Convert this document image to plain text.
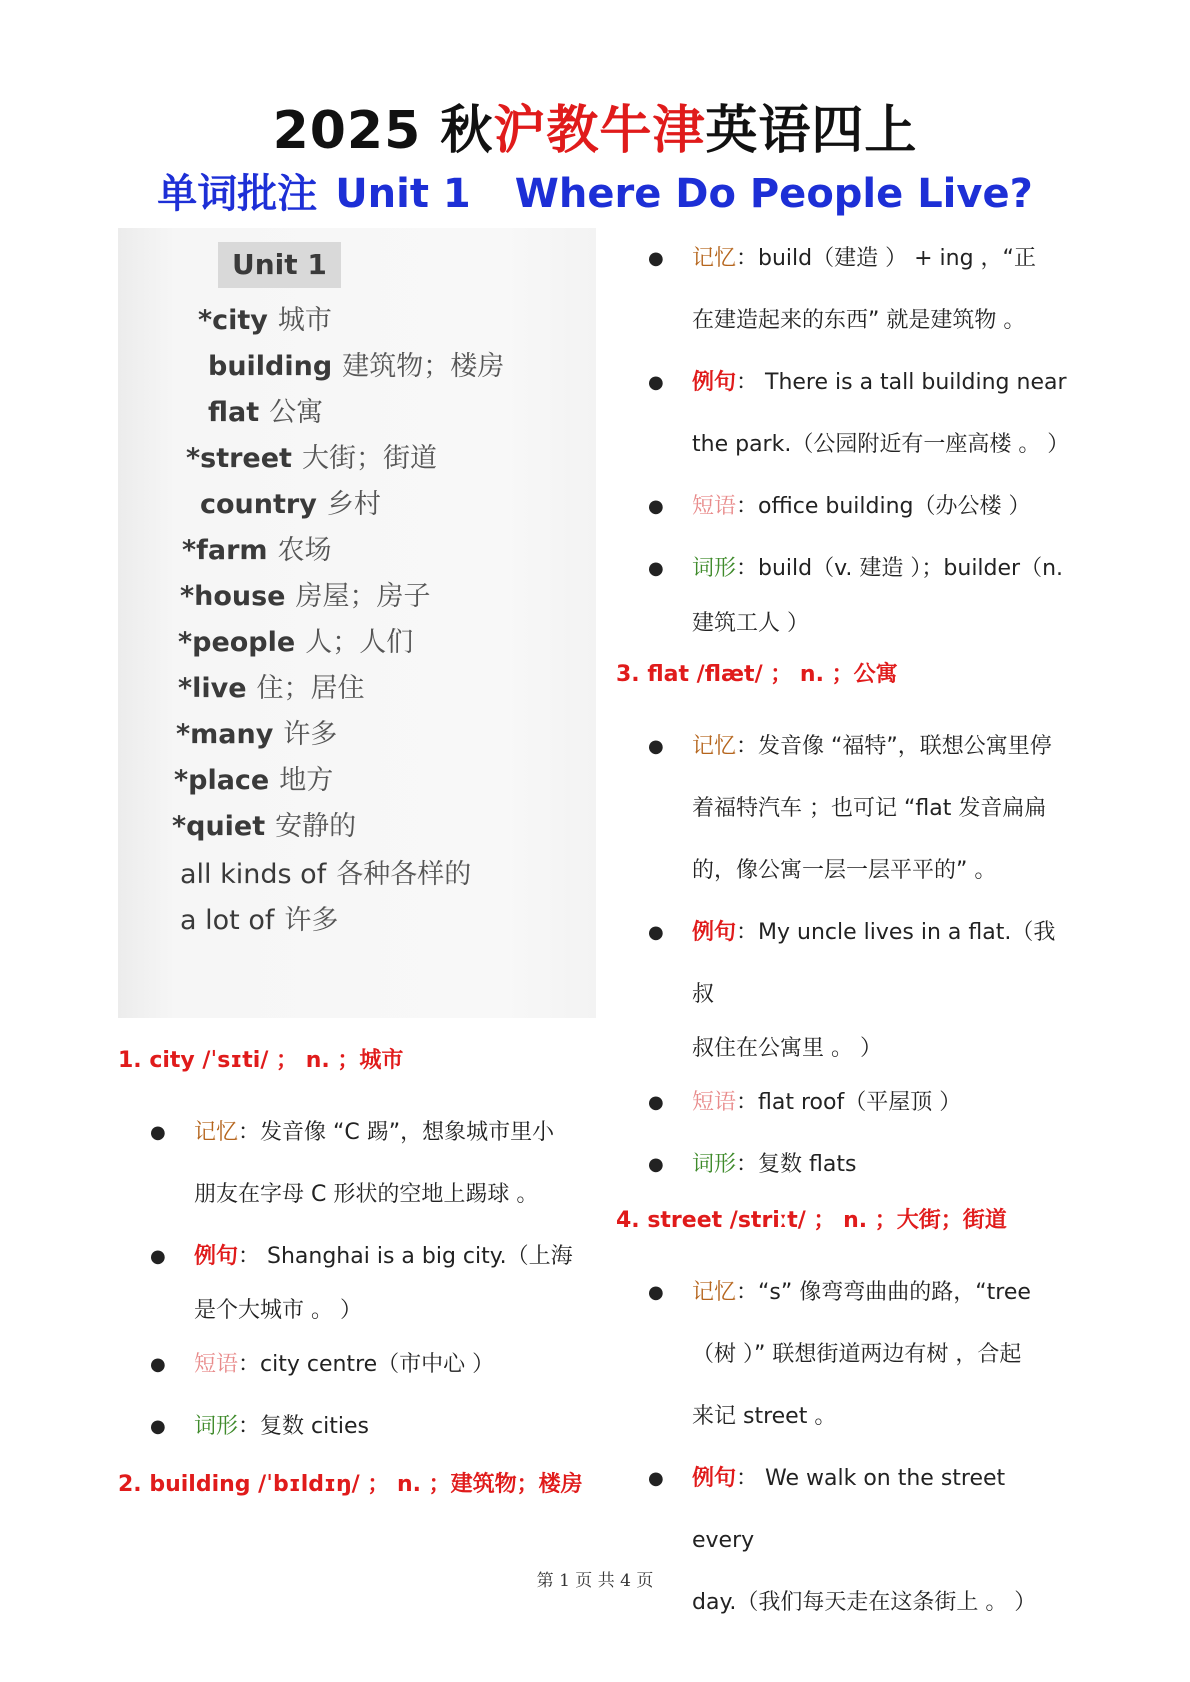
2025 秋沪教牛津英语四上
单词批注 Unit 1 Where Do People Live?
Unit 1
*city 城市
building 建筑物；楼房
flat 公寓
*street 大街；街道
country 乡村
*farm 农场
*house 房屋；房子
*people 人；人们
*live 住；居住
*many 许多
*place 地方
*quiet 安静的
all kinds of 各种各样的
a lot of 许多
1. city /ˈsɪti/ ； n. ；城市
● 记忆：发音像 “C 踢”，想象城市里小
朋友在字母 C 形状的空地上踢球 。
● 例句： Shanghai is a big city.（上海
是个大城市 。 ）
● 短语：city centre（市中心 ）
● 词形：复数 cities
2. building /ˈbɪldɪŋ/ ； n. ；建筑物；楼房
● 记忆：build（建造 ） + ing ，“正
在建造起来的东西” 就是建筑物 。
● 例句： There is a tall building near
the park.（公园附近有一座高楼 。 ）
● 短语：office building（办公楼 ）
● 词形：build（v. 建造 ）；builder（n.
建筑工人 ）
3. flat /flæt/ ； n. ；公寓
● 记忆：发音像 “福特”，联想公寓里停
着福特汽车 ；也可记 “flat 发音扁扁
的，像公寓一层一层平平的” 。
● 例句：My uncle lives in a flat.（我叔
叔住在公寓里 。 ）
● 短语：flat roof（平屋顶 ）
● 词形：复数 flats
4. street /striːt/ ； n. ；大街；街道
● 记忆：“s” 像弯弯曲曲的路，“tree
（树 ）” 联想街道两边有树 ，合起
来记 street 。
● 例句： We walk on the street every
day.（我们每天走在这条街上 。 ）
第 1 页 共 4 页
